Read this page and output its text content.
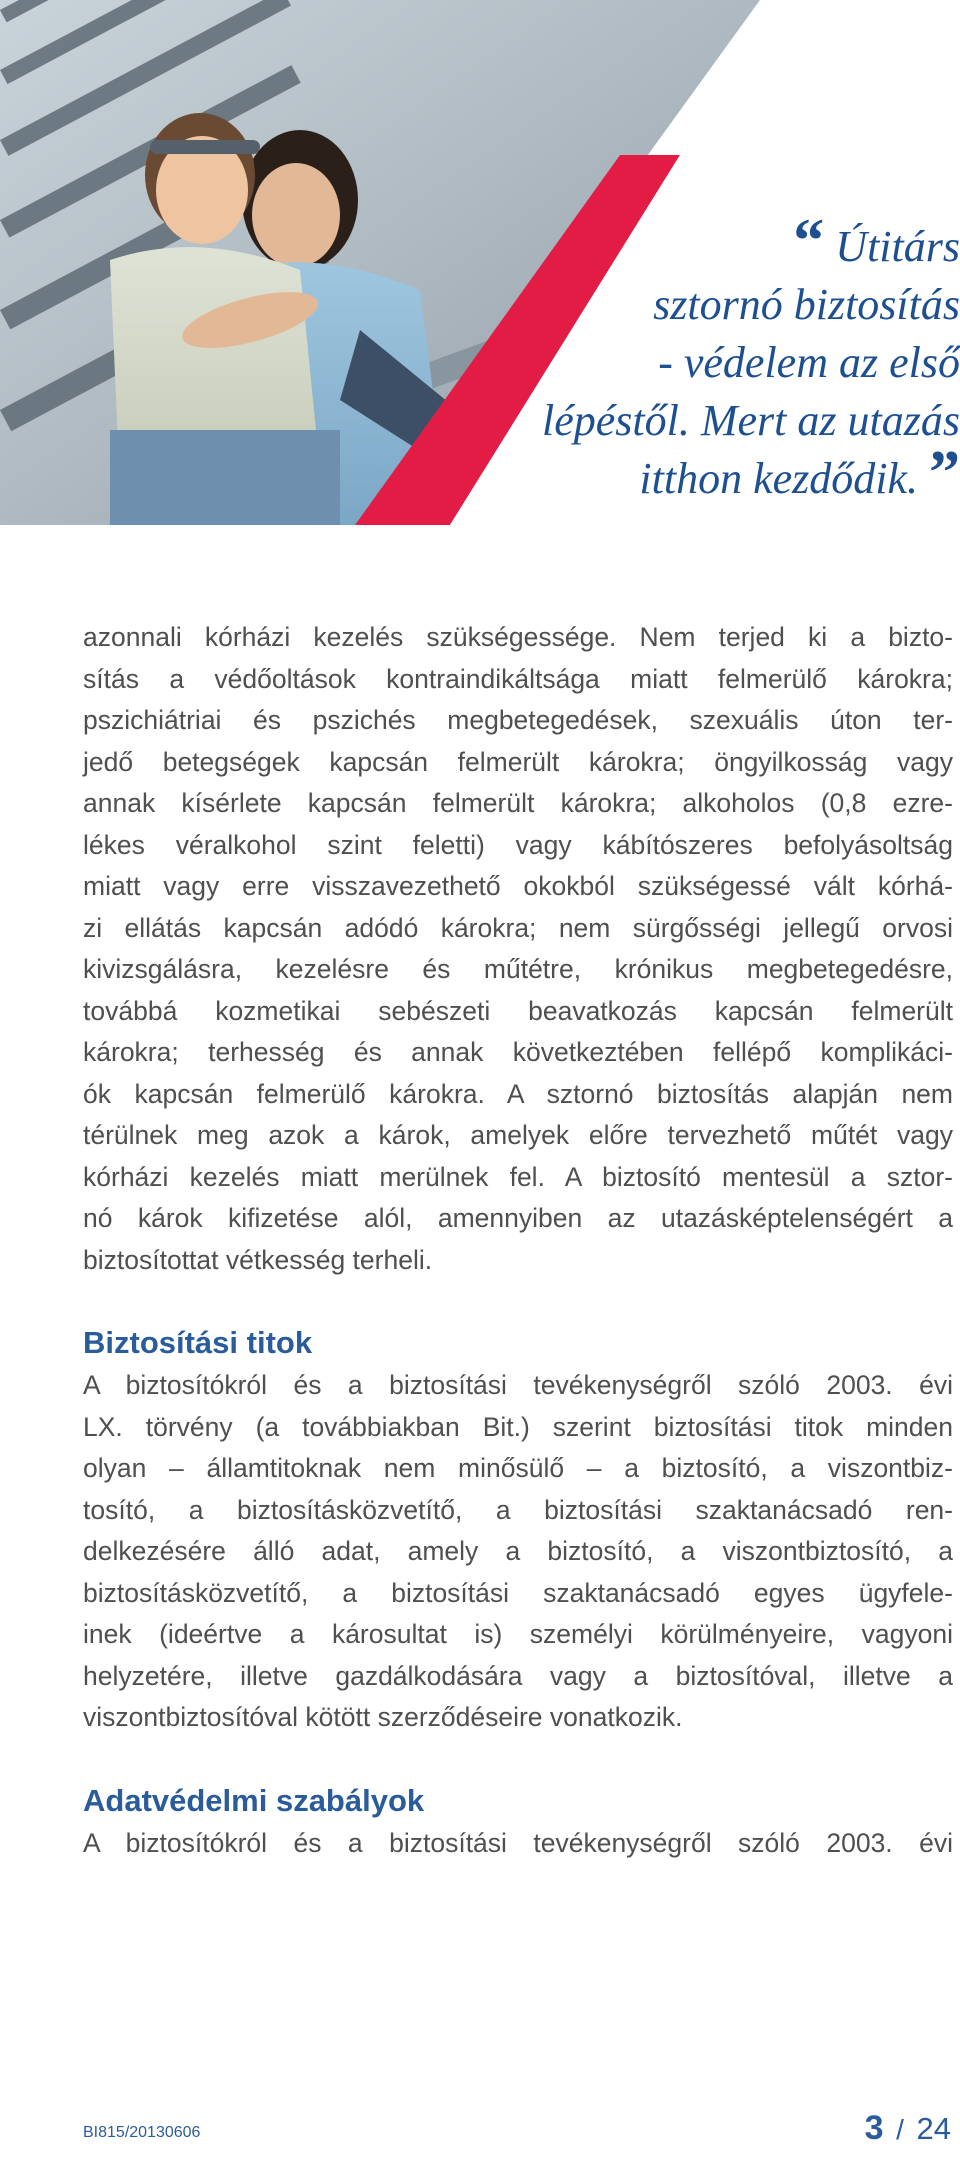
“ Útitárs
sztornó biztosítás
- védelem az első
lépéstől. Mert az utazás
itthon kezdődik. ”

azonnali kórházi kezelés szükségessége. Nem terjed ki a bizto-
sítás a védőoltások kontraindikáltsága miatt felmerülő károkra;
pszichiátriai és pszichés megbetegedések, szexuális úton ter-
jedő betegségek kapcsán felmerült károkra; öngyilkosság vagy
annak kísérlete kapcsán felmerült károkra; alkoholos (0,8 ezre-
lékes véralkohol szint feletti) vagy kábítószeres befolyásoltság
miatt vagy erre visszavezethető okokból szükségessé vált kórhá-
zi ellátás kapcsán adódó károkra; nem sürgősségi jellegű orvosi
kivizsgálásra, kezelésre és műtétre, krónikus megbetegedésre,
továbbá kozmetikai sebészeti beavatkozás kapcsán felmerült
károkra; terhesség és annak következtében fellépő komplikáci-
ók kapcsán felmerülő károkra. A sztornó biztosítás alapján nem
térülnek meg azok a károk, amelyek előre tervezhető műtét vagy
kórházi kezelés miatt merülnek fel. A biztosító mentesül a sztor-
nó károk kifizetése alól, amennyiben az utazásképtelenségért a
biztosítottat vétkesség terheli.

Biztosítási titok

A biztosítókról és a biztosítási tevékenységről szóló 2003. évi
LX. törvény (a továbbiakban Bit.) szerint biztosítási titok minden
olyan – államtitoknak nem minősülő – a biztosító, a viszontbiz-
tosító, a biztosításközvetítő, a biztosítási szaktanácsadó ren-
delkezésére álló adat, amely a biztosító, a viszontbiztosító, a
biztosításközvetítő, a biztosítási szaktanácsadó egyes ügyfele-
inek (ideértve a károsultat is) személyi körülményeire, vagyoni
helyzetére, illetve gazdálkodására vagy a biztosítóval, illetve a
viszontbiztosítóval kötött szerződéseire vonatkozik.

Adatvédelmi szabályok

A biztosítókról és a biztosítási tevékenységről szóló 2003. évi

BI815/20130606	3 / 24
